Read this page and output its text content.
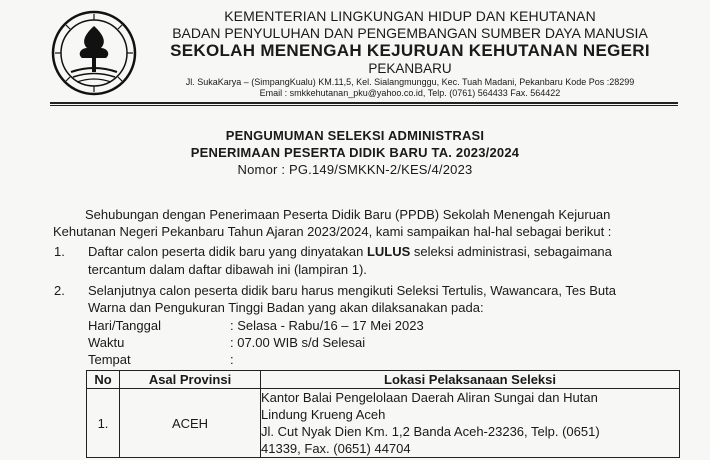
KEMENTERIAN LINGKUNGAN HIDUP DAN KEHUTANAN
BADAN PENYULUHAN DAN PENGEMBANGAN SUMBER DAYA MANUSIA
SEKOLAH MENENGAH KEJURUAN KEHUTANAN NEGERI
PEKANBARU
Jl. SukaKarya – (SimpangKualu) KM.11,5, Kel. Sialangmunggu, Kec. Tuah Madani, Pekanbaru Kode Pos :28299
Email : smkkehutanan_pku@yahoo.co.id, Telp. (0761) 564433 Fax. 564422
PENGUMUMAN SELEKSI ADMINISTRASI
PENERIMAAN PESERTA DIDIK BARU TA. 2023/2024
Nomor : PG.149/SMKKN-2/KES/4/2023
Sehubungan dengan Penerimaan Peserta Didik Baru (PPDB) Sekolah Menengah Kejuruan
Kehutanan Negeri Pekanbaru Tahun Ajaran 2023/2024, kami sampaikan hal-hal sebagai berikut :
1. Daftar calon peserta didik baru yang dinyatakan LULUS seleksi administrasi, sebagaimana
tercantum dalam daftar dibawah ini (lampiran 1).
2. Selanjutnya calon peserta didik baru harus mengikuti Seleksi Tertulis, Wawancara, Tes Buta
Warna dan Pengukuran Tinggi Badan yang akan dilaksanakan pada:
Hari/Tanggal	: Selasa - Rabu/16 – 17 Mei 2023
Waktu	: 07.00 WIB s/d Selesai
Tempat	:
No	Asal Provinsi	Lokasi Pelaksanaan Seleksi
1.	ACEH	Kantor Balai Pengelolaan Daerah Aliran Sungai dan Hutan
Lindung Krueng Aceh
Jl. Cut Nyak Dien Km. 1,2 Banda Aceh-23236, Telp. (0651)
41339, Fax. (0651) 44704
